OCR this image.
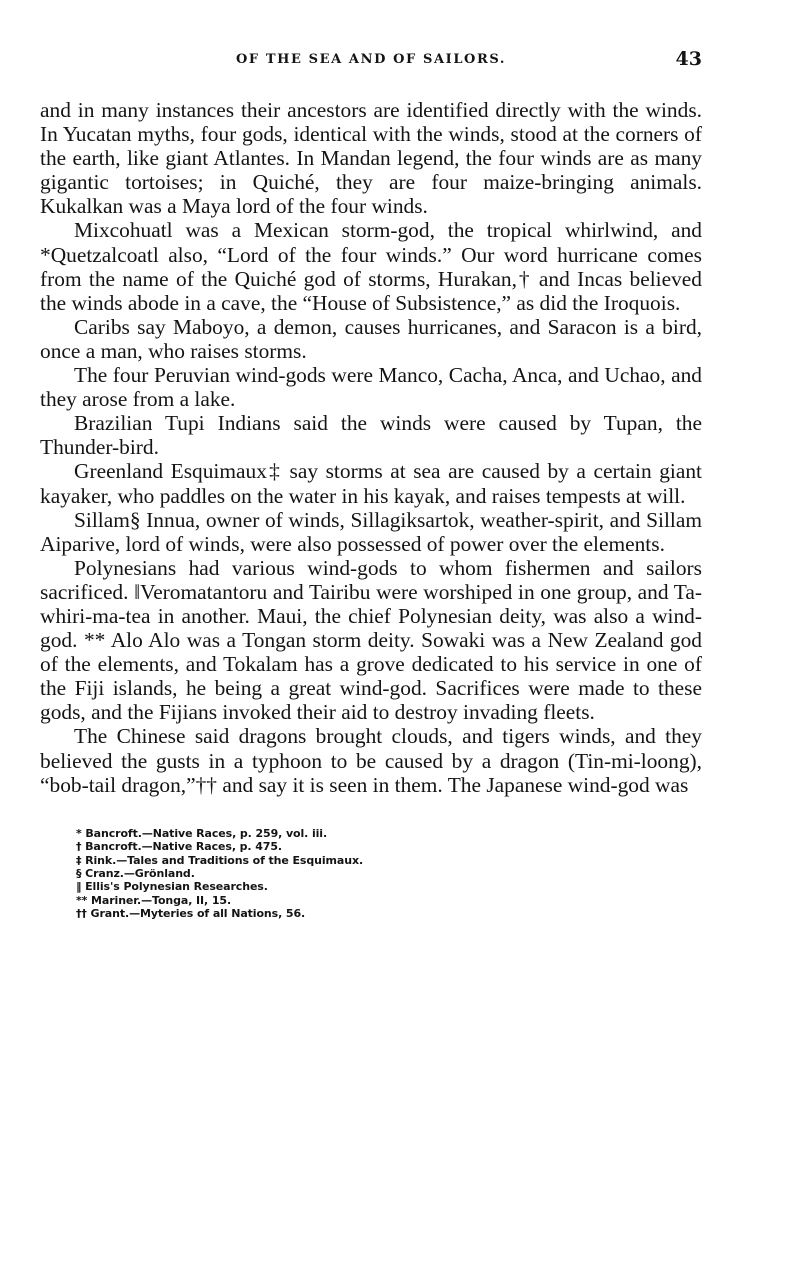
OF THE SEA AND OF SAILORS.	43

and in many instances their ancestors are identified directly with the winds. In Yucatan myths, four gods, identical with the winds, stood at the corners of the earth, like giant Atlantes. In Mandan legend, the four winds are as many gigantic tortoises; in Quiché, they are four maize-bringing animals. Kukalkan was a Maya lord of the four winds.

Mixcohuatl was a Mexican storm-god, the tropical whirlwind, and *Quetzalcoatl also, “Lord of the four winds.” Our word hurricane comes from the name of the Quiché god of storms, Hurakan,† and Incas believed the winds abode in a cave, the “House of Subsistence,” as did the Iroquois.

Caribs say Maboyo, a demon, causes hurricanes, and Saracon is a bird, once a man, who raises storms.

The four Peruvian wind-gods were Manco, Cacha, Anca, and Uchao, and they arose from a lake.

Brazilian Tupi Indians said the winds were caused by Tupan, the Thunder-bird.

Greenland Esquimaux‡ say storms at sea are caused by a certain giant kayaker, who paddles on the water in his kayak, and raises tempests at will.

Sillam§ Innua, owner of winds, Sillagiksartok, weather-spirit, and Sillam Aiparive, lord of winds, were also possessed of power over the elements.

Polynesians had various wind-gods to whom fishermen and sailors sacrificed. ‖Veromatantoru and Tairibu were worshiped in one group, and Ta-whiri-ma-tea in another. Maui, the chief Polynesian deity, was also a wind-god. ** Alo Alo was a Tongan storm deity. Sowaki was a New Zealand god of the elements, and Tokalam has a grove dedicated to his service in one of the Fiji islands, he being a great wind-god. Sacrifices were made to these gods, and the Fijians invoked their aid to destroy invading fleets.

The Chinese said dragons brought clouds, and tigers winds, and they believed the gusts in a typhoon to be caused by a dragon (Tin-mi-loong), “bob-tail dragon,”†† and say it is seen in them. The Japanese wind-god was

* Bancroft.—Native Races, p. 259, vol. iii.
† Bancroft.—Native Races, p. 475.
‡ Rink.—Tales and Traditions of the Esquimaux.
§ Cranz.—Grönland.
‖ Ellis's Polynesian Researches.
** Mariner.—Tonga, II, 15.
†† Grant.—Myteries of all Nations, 56.
